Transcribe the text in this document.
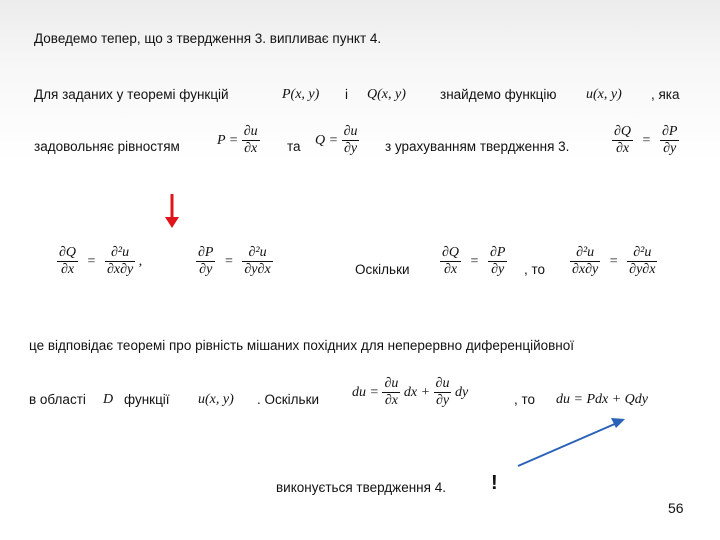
Доведемо тепер, що з твердження 3. випливає пункт 4.
Для заданих у теоремі функцій	P(x, y) і Q(x, y)	знайдемо функцію u(x, y) , яка
задовольняє рівностям	$P = \frac{\partial u}{\partial x}$ та $Q = \frac{\partial u}{\partial y}$ з урахуванням твердження 3.	$\frac{\partial Q}{\partial x} = \frac{\partial P}{\partial y}$
$\frac{\partial Q}{\partial x} = \frac{\text{∂²u}}{\partial x\partial y}$ ,	$\frac{\partial P}{\partial y} = \frac{\text{∂²u}}{\partial y\partial x}$	Оскільки $\frac{\partial Q}{\partial x} = \frac{\partial P}{\partial y}$ , то $\frac{\text{∂²u}}{\partial x\partial y} = \frac{\text{∂²u}}{\partial y\partial x}$
це відповідає теоремі про рівність мішаних похідних для неперервно диференційовної
в області D функції u(x, y) . Оскільки du = $\frac{\partial u}{\partial x}$ dx + $\frac{\partial u}{\partial y}$ dy	, то du = Pdx + Qdy
виконується твердження 4. !
56
